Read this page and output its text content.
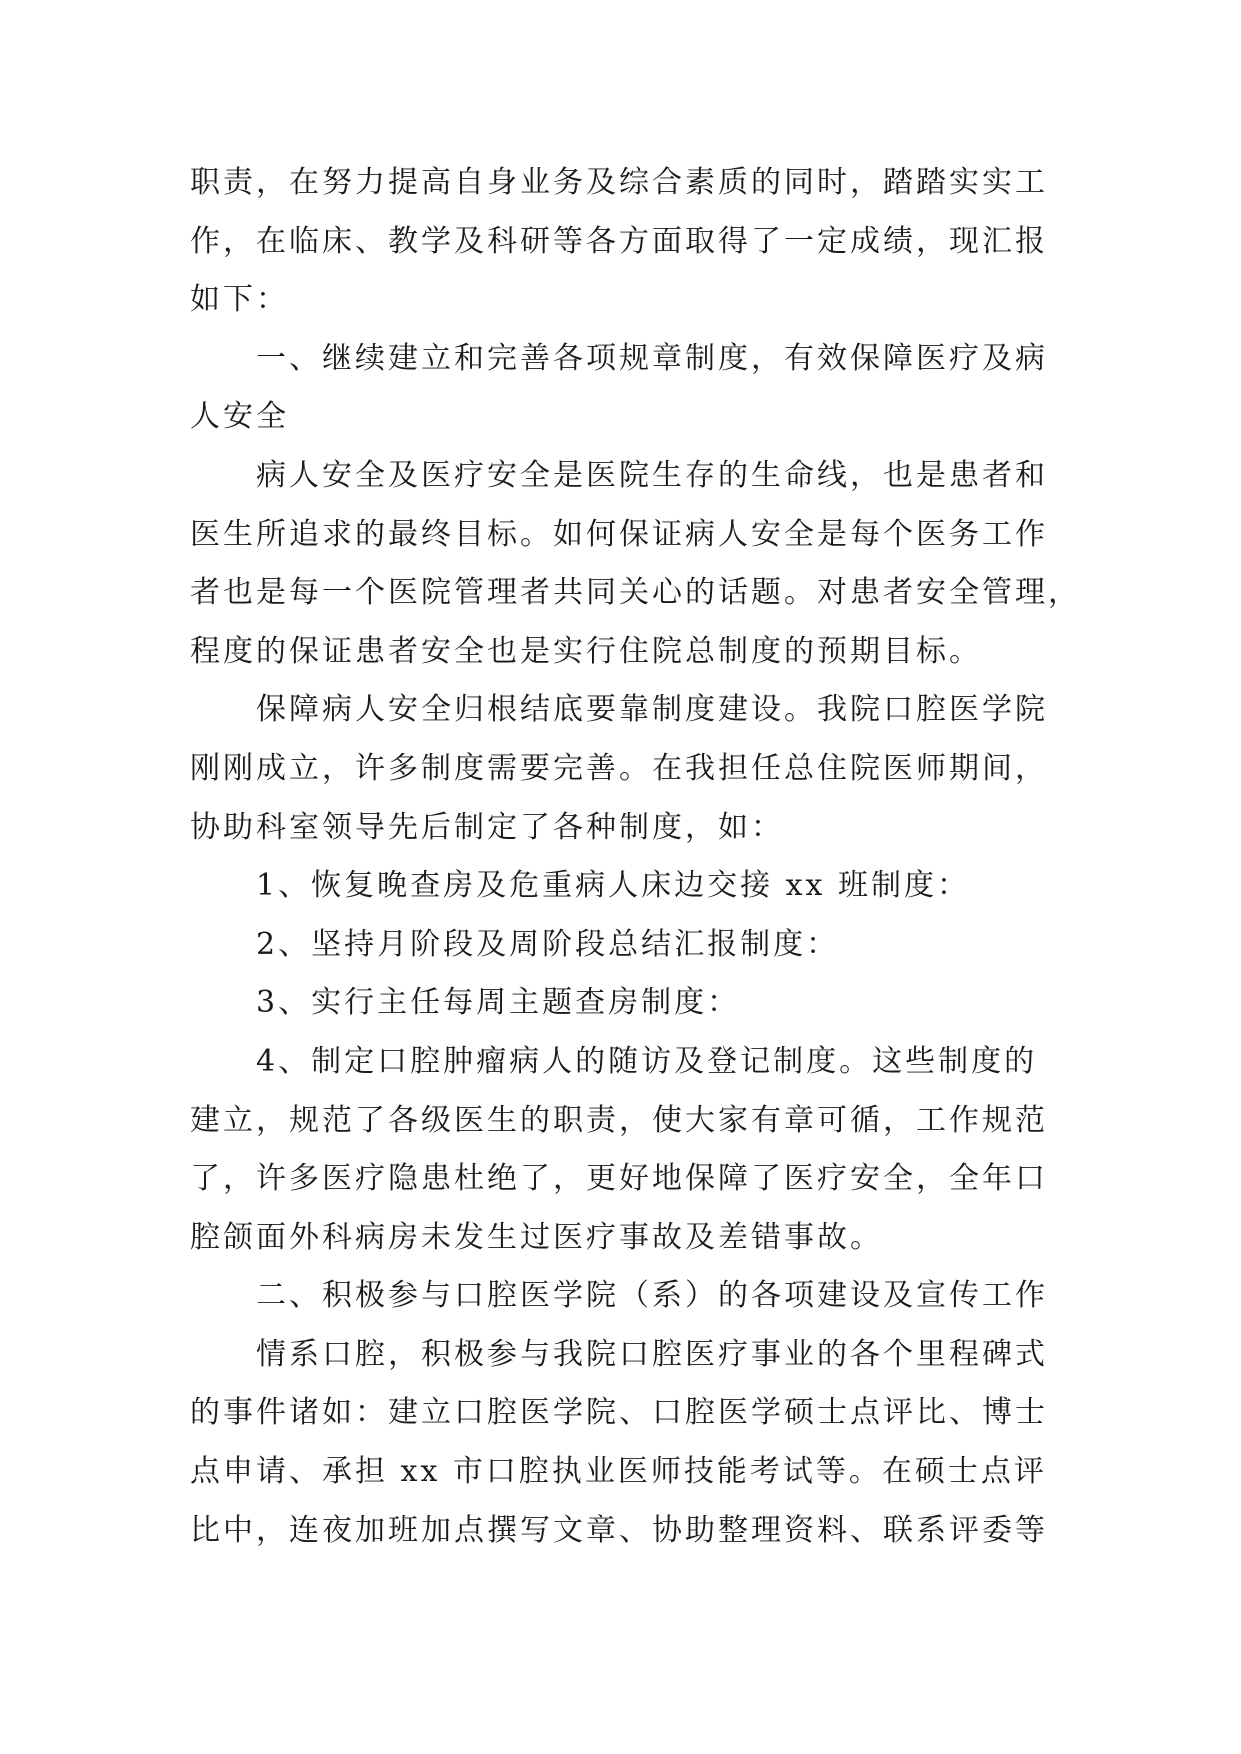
职责，在努力提高自身业务及综合素质的同时，踏踏实实工
作，在临床、教学及科研等各方面取得了一定成绩，现汇报
如下：
一、继续建立和完善各项规章制度，有效保障医疗及病
人安全
病人安全及医疗安全是医院生存的生命线，也是患者和
医生所追求的最终目标。如何保证病人安全是每个医务工作
者也是每一个医院管理者共同关心的话题。对患者安全管理，
程度的保证患者安全也是实行住院总制度的预期目标。
保障病人安全归根结底要靠制度建设。我院口腔医学院
刚刚成立，许多制度需要完善。在我担任总住院医师期间，
协助科室领导先后制定了各种制度，如：
1、恢复晚查房及危重病人床边交接 xx 班制度：
2、坚持月阶段及周阶段总结汇报制度：
3、实行主任每周主题查房制度：
4、制定口腔肿瘤病人的随访及登记制度。这些制度的
建立，规范了各级医生的职责，使大家有章可循，工作规范
了，许多医疗隐患杜绝了，更好地保障了医疗安全，全年口
腔颌面外科病房未发生过医疗事故及差错事故。
二、积极参与口腔医学院（系）的各项建设及宣传工作
情系口腔，积极参与我院口腔医疗事业的各个里程碑式
的事件诸如：建立口腔医学院、口腔医学硕士点评比、博士
点申请、承担 xx 市口腔执业医师技能考试等。在硕士点评
比中，连夜加班加点撰写文章、协助整理资料、联系评委等
